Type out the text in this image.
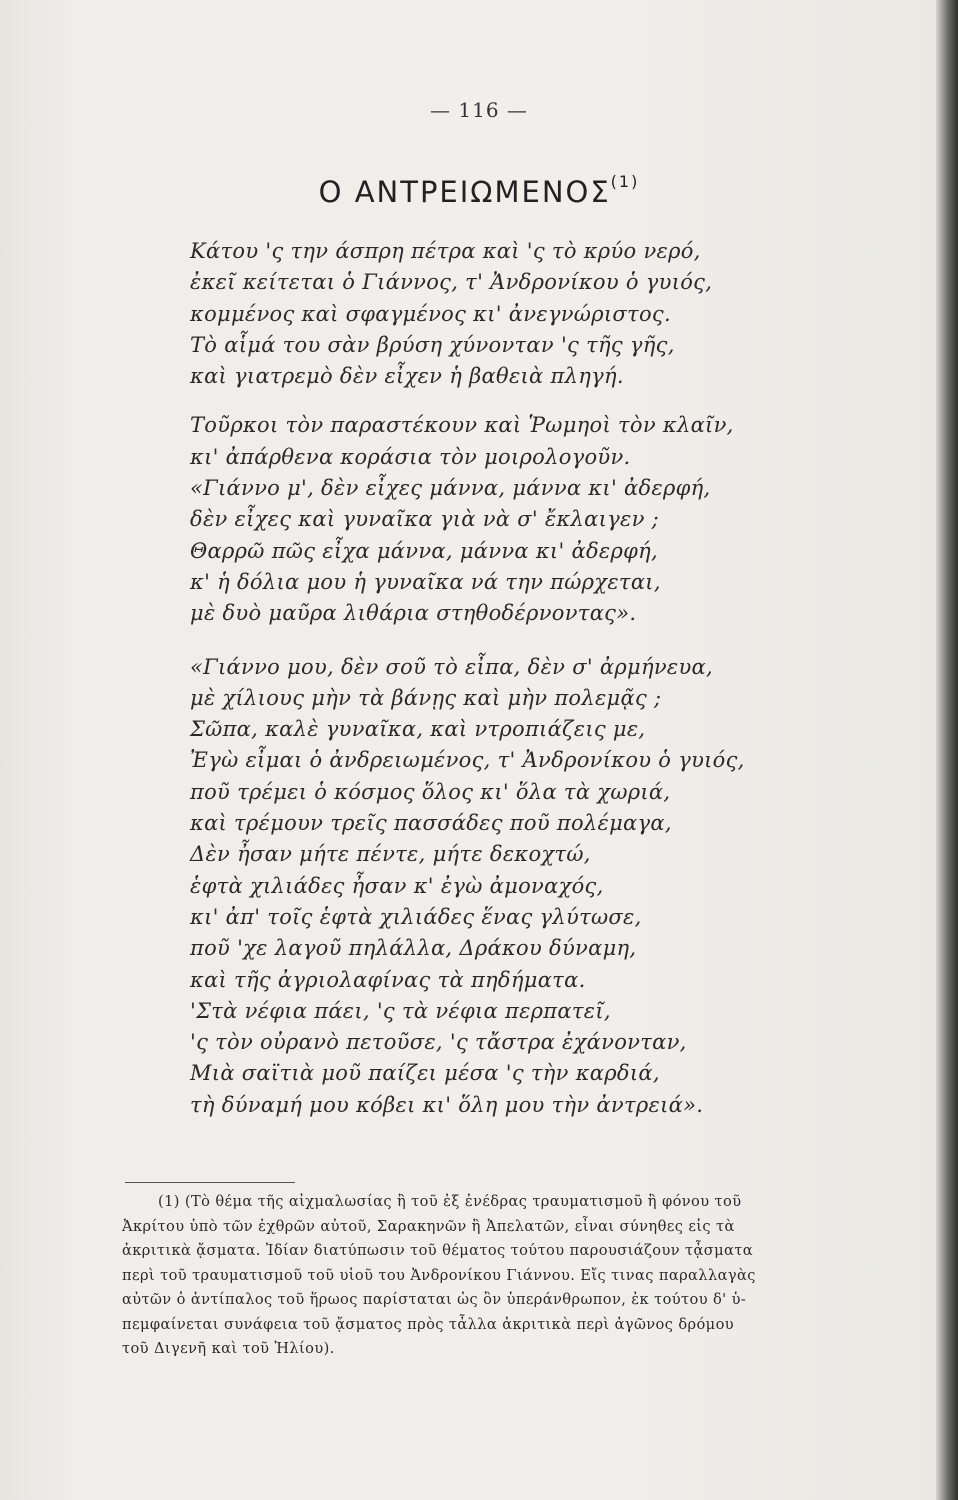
— 116 —
Ο ΑΝΤΡΕΙΩΜΕΝΟΣ$^{(1)}$
Κάτου 'ς την άσπρη πέτρα καὶ 'ς τὸ κρύο νερό,
ἐκεῖ κείτεται ὁ Γιάννος, τ' Ἀνδρονίκου ὁ γυιός,
κομμένος καὶ σφαγμένος κι' ἀνεγνώριστος.
Τὸ αἷμά του σὰν βρύση χύνονταν 'ς τῆς γῆς,
καὶ γιατρεμὸ δὲν εἶχεν ἡ βαθειὰ πληγή.
Τοῦρκοι τὸν παραστέκουν καὶ Ῥωμηοὶ τὸν κλαῖν,
κι' ἀπάρθενα κοράσια τὸν μοιρολογοῦν.
«Γιάννο μ', δὲν εἶχες μάννα, μάννα κι' ἀδερφή,
δὲν εἶχες καὶ γυναῖκα γιὰ νὰ σ' ἔκλαιγεν ;
Θαρρῶ πῶς εἶχα μάννα, μάννα κι' ἀδερφή,
κ' ἡ δόλια μου ἡ γυναῖκα νά την πώρχεται,
μὲ δυὸ μαῦρα λιθάρια στηθοδέρνοντας».
«Γιάννο μου, δὲν σοῦ τὸ εἶπα, δὲν σ' ἀρμήνευα,
μὲ χίλιους μὴν τὰ βάνῃς καὶ μὴν πολεμᾷς ;
Σῶπα, καλὲ γυναῖκα, καὶ ντροπιάζεις με,
Ἐγὼ εἶμαι ὁ ἀνδρειωμένος, τ' Ἀνδρονίκου ὁ γυιός,
ποῦ τρέμει ὁ κόσμος ὅλος κι' ὅλα τὰ χωριά,
καὶ τρέμουν τρεῖς πασσάδες ποῦ πολέμαγα,
Δὲν ἦσαν μήτε πέντε, μήτε δεκοχτώ,
ἑφτὰ χιλιάδες ἦσαν κ' ἐγὼ ἀμοναχός,
κι' ἀπ' τοῖς ἑφτὰ χιλιάδες ἕνας γλύτωσε,
ποῦ 'χε λαγοῦ πηλάλλα, Δράκου δύναμη,
καὶ τῆς ἀγριολαφίνας τὰ πηδήματα.
'Στὰ νέφια πάει, 'ς τὰ νέφια περπατεῖ,
'ς τὸν οὐρανὸ πετοῦσε, 'ς τἄστρα ἐχάνονταν,
Μιὰ σαϊτιὰ μοῦ παίζει μέσα 'ς τὴν καρδιά,
τὴ δύναμή μου κόβει κι' ὅλη μου τὴν ἀντρειά».
(1) (Τὸ θέμα τῆς αἰχμαλωσίας ἢ τοῦ ἐξ ἐνέδρας τραυματισμοῦ ἢ φόνου τοῦ
Ἀκρίτου ὑπὸ τῶν ἐχθρῶν αὐτοῦ, Σαρακηνῶν ἢ Ἀπελατῶν, εἶναι σύνηθες εἰς τὰ
ἀκριτικὰ ᾄσματα. Ἰδίαν διατύπωσιν τοῦ θέματος τούτου παρουσιάζουν τᾆσματα
περὶ τοῦ τραυματισμοῦ τοῦ υἱοῦ του Ἀνδρονίκου Γιάννου. Εἴς τινας παραλλαγὰς
αὐτῶν ὁ ἀντίπαλος τοῦ ἥρωος παρίσταται ὡς ὂν ὑπεράνθρωπον, ἐκ τούτου δ' ὑ-
πεμφαίνεται συνάφεια τοῦ ᾄσματος πρὸς τἆλλα ἀκριτικὰ περὶ ἀγῶνος δρόμου
τοῦ Διγενῆ καὶ τοῦ Ἡλίου).
